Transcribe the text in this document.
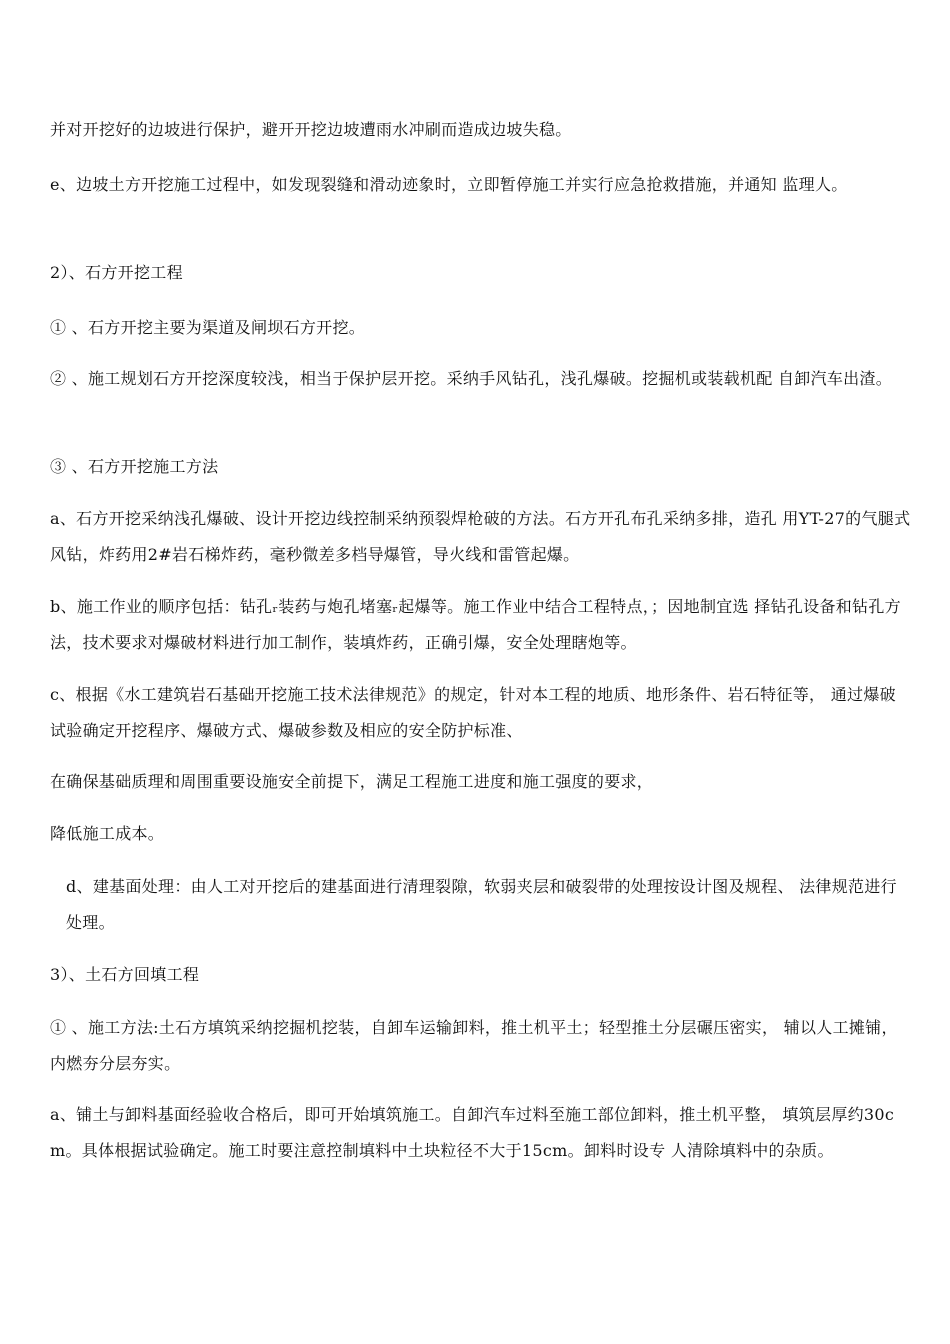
并对开挖好的边坡进行保护，避开开挖边坡遭雨水冲刷而造成边坡失稳。

e、边坡土方开挖施工过程中，如发现裂缝和滑动迹象时，立即暂停施工并实行应急抢救措施，并通知 监理人。

2）、石方开挖工程

① 、石方开挖主要为渠道及闸坝石方开挖。

② 、施工规划石方开挖深度较浅，相当于保护层开挖。采纳手风钻孔，浅孔爆破。挖掘机或装载机配 自卸汽车出渣。

③ 、石方开挖施工方法

a、石方开挖采纳浅孔爆破、设计开挖边线控制采纳预裂焊枪破的方法。石方开孔布孔采纳多排，造孔 用YT-27的气腿式风钻，炸药用2#岩石梯炸药，毫秒微差多档导爆管，导火线和雷管起爆。

b、施工作业的顺序包括：钻孔ᵣ装药与炮孔堵塞ᵣ起爆等。施工作业中结合工程特点，；因地制宜选 择钻孔设备和钻孔方法，技术要求对爆破材料进行加工制作，装填炸药，正确引爆，安全处理瞎炮等。

c、根据《水工建筑岩石基础开挖施工技术法律规范》的规定，针对本工程的地质、地形条件、岩石特征等， 通过爆破试验确定开挖程序、爆破方式、爆破参数及相应的安全防护标准、

在确保基础质理和周围重要设施安全前提下，满足工程施工进度和施工强度的要求，

降低施工成本。

d、建基面处理：由人工对开挖后的建基面进行清理裂隙，软弱夹层和破裂带的处理按设计图及规程、 法律规范进行处理。

3）、土石方回填工程

① 、施工方法:土石方填筑采纳挖掘机挖装，自卸车运输卸料，推土机平土；轻型推土分层碾压密实， 辅以人工摊铺，内燃夯分层夯实。

a、铺土与卸料基面经验收合格后，即可开始填筑施工。自卸汽车过料至施工部位卸料，推土机平整， 填筑层厚约30cm。具体根据试验确定。施工时要注意控制填料中土块粒径不大于15cm。卸料时设专 人清除填料中的杂质。
